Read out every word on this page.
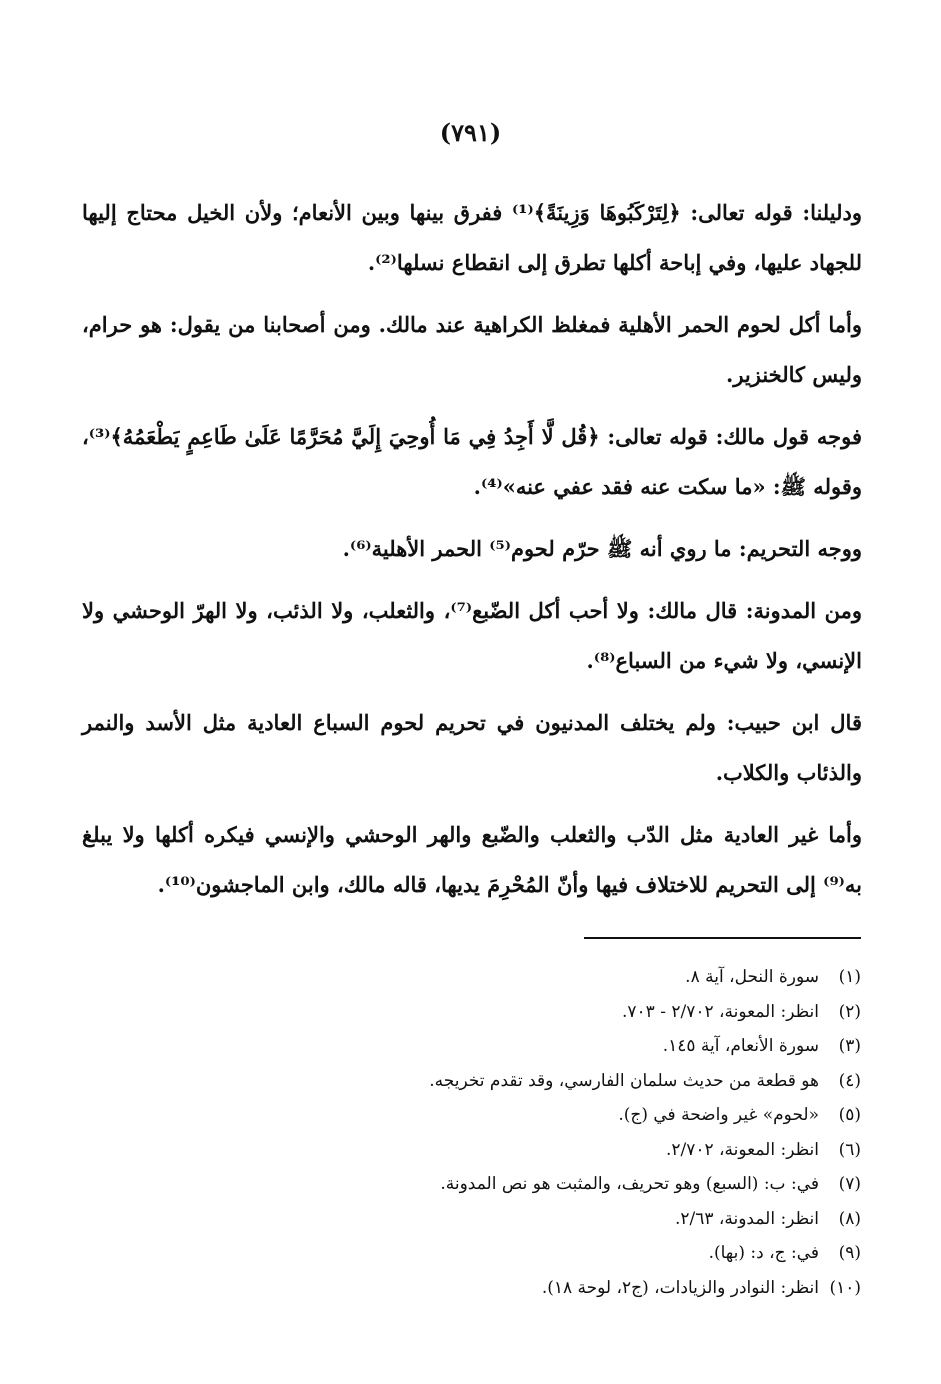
(٧٩١)

ودليلنا: قوله تعالى: ﴿لِتَرْكَبُوهَا وَزِينَةً﴾⁽¹⁾ ففرق بينها وبين الأنعام؛ ولأن الخيل محتاج إليها للجهاد عليها، وفي إباحة أكلها تطرق إلى انقطاع نسلها⁽²⁾.

وأما أكل لحوم الحمر الأهلية فمغلظ الكراهية عند مالك. ومن أصحابنا من يقول: هو حرام، وليس كالخنزير.

فوجه قول مالك: قوله تعالى: ﴿قُل لَّا أَجِدُ فِي مَا أُوحِيَ إِلَيَّ مُحَرَّمًا عَلَىٰ طَاعِمٍ يَطْعَمُهُ﴾⁽³⁾، وقوله ﷺ: «ما سكت عنه فقد عفي عنه»⁽⁴⁾.

ووجه التحريم: ما روي أنه ﷺ حرّم لحوم⁽⁵⁾ الحمر الأهلية⁽⁶⁾.

ومن المدونة: قال مالك: ولا أحب أكل الضّبع⁽⁷⁾، والثعلب، ولا الذئب، ولا الهرّ الوحشي ولا الإنسي، ولا شيء من السباع⁽⁸⁾.

قال ابن حبيب: ولم يختلف المدنيون في تحريم لحوم السباع العادية مثل الأسد والنمر والذئاب والكلاب.

وأما غير العادية مثل الدّب والثعلب والضّبع والهر الوحشي والإنسي فيكره أكلها ولا يبلغ به⁽⁹⁾ إلى التحريم للاختلاف فيها وأنّ المُحْرِمَ يديها، قاله مالك، وابن الماجشون⁽¹⁰⁾.

(١)سورة النحل، آية ٨.
(٢)انظر: المعونة، ٢/٧٠٢ - ٧٠٣.
(٣)سورة الأنعام، آية ١٤٥.
(٤)هو قطعة من حديث سلمان الفارسي، وقد تقدم تخريجه.
(٥)«لحوم» غير واضحة في (ج).
(٦)انظر: المعونة، ٢/٧٠٢.
(٧)في: ب: (السبع) وهو تحريف، والمثبت هو نص المدونة.
(٨)انظر: المدونة، ٢/٦٣.
(٩)في: ج، د: (بها).
(١٠)انظر: النوادر والزيادات، (ج٢، لوحة ١٨).
